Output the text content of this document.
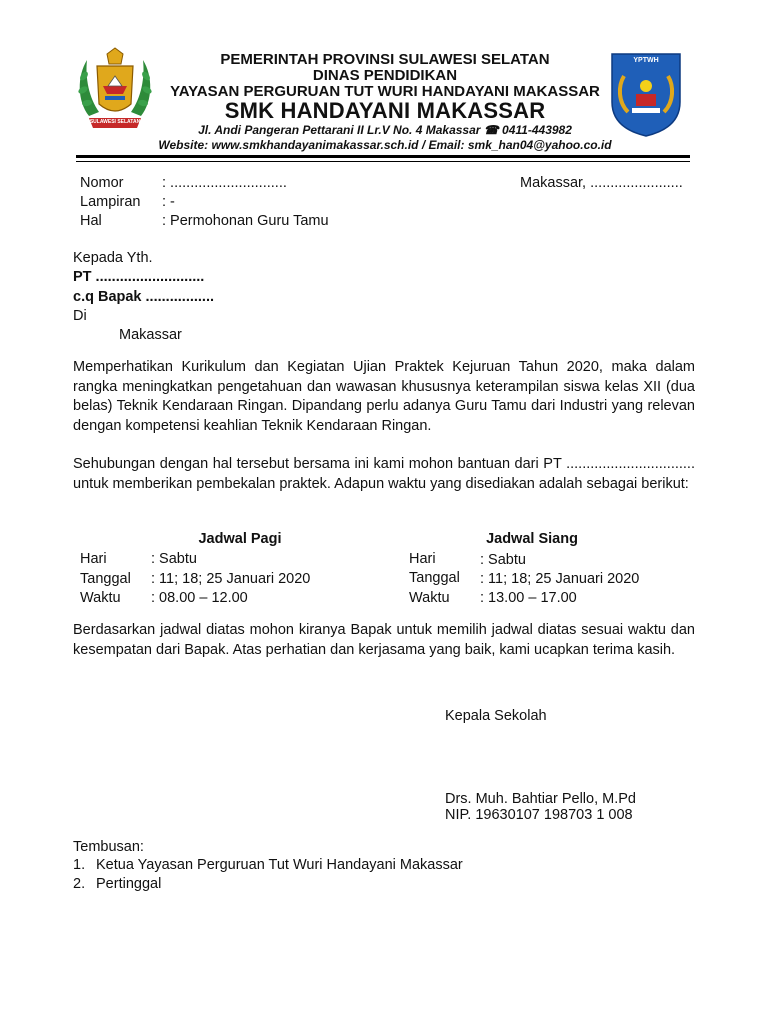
SULAWESI SELATAN
YPTWH
PEMERINTAH PROVINSI SULAWESI SELATAN
DINAS PENDIDIKAN
YAYASAN PERGURUAN TUT WURI HANDAYANI MAKASSAR
SMK HANDAYANI MAKASSAR
Jl. Andi Pangeran Pettarani II Lr.V No. 4 Makassar ☎ 0411-443982
Website: www.smkhandayanimakassar.sch.id / Email: smk_han04@yahoo.co.id
Nomor	: .............................
Lampiran : -
Hal	: Permohonan Guru Tamu
Makassar, .......................
Kepada Yth.
PT ...........................
c.q Bapak .................
Di
Makassar
Memperhatikan Kurikulum dan Kegiatan Ujian Praktek Kejuruan Tahun 2020, maka dalam rangka meningkatkan pengetahuan dan wawasan khususnya keterampilan siswa kelas XII (dua belas) Teknik Kendaraan Ringan. Dipandang perlu adanya Guru Tamu dari Industri yang relevan dengan kompetensi keahlian Teknik Kendaraan Ringan.
Sehubungan dengan hal tersebut bersama ini kami mohon bantuan dari PT ................................ untuk memberikan pembekalan praktek. Adapun waktu yang disediakan adalah sebagai berikut:
Jadwal Pagi
Hari	: Sabtu
Tanggal : 11; 18; 25 Januari 2020
Waktu : 08.00 – 12.00
Jadwal Siang
Hari	: Sabtu
Tanggal : 11; 18; 25 Januari 2020
Waktu : 13.00 – 17.00
Berdasarkan jadwal diatas mohon kiranya Bapak untuk memilih jadwal diatas sesuai waktu dan kesempatan dari Bapak. Atas perhatian dan kerjasama yang baik, kami ucapkan terima kasih.
Kepala Sekolah
Drs. Muh. Bahtiar Pello, M.Pd
NIP. 19630107 198703 1 008
Tembusan:
1. Ketua Yayasan Perguruan Tut Wuri Handayani Makassar
2. Pertinggal
